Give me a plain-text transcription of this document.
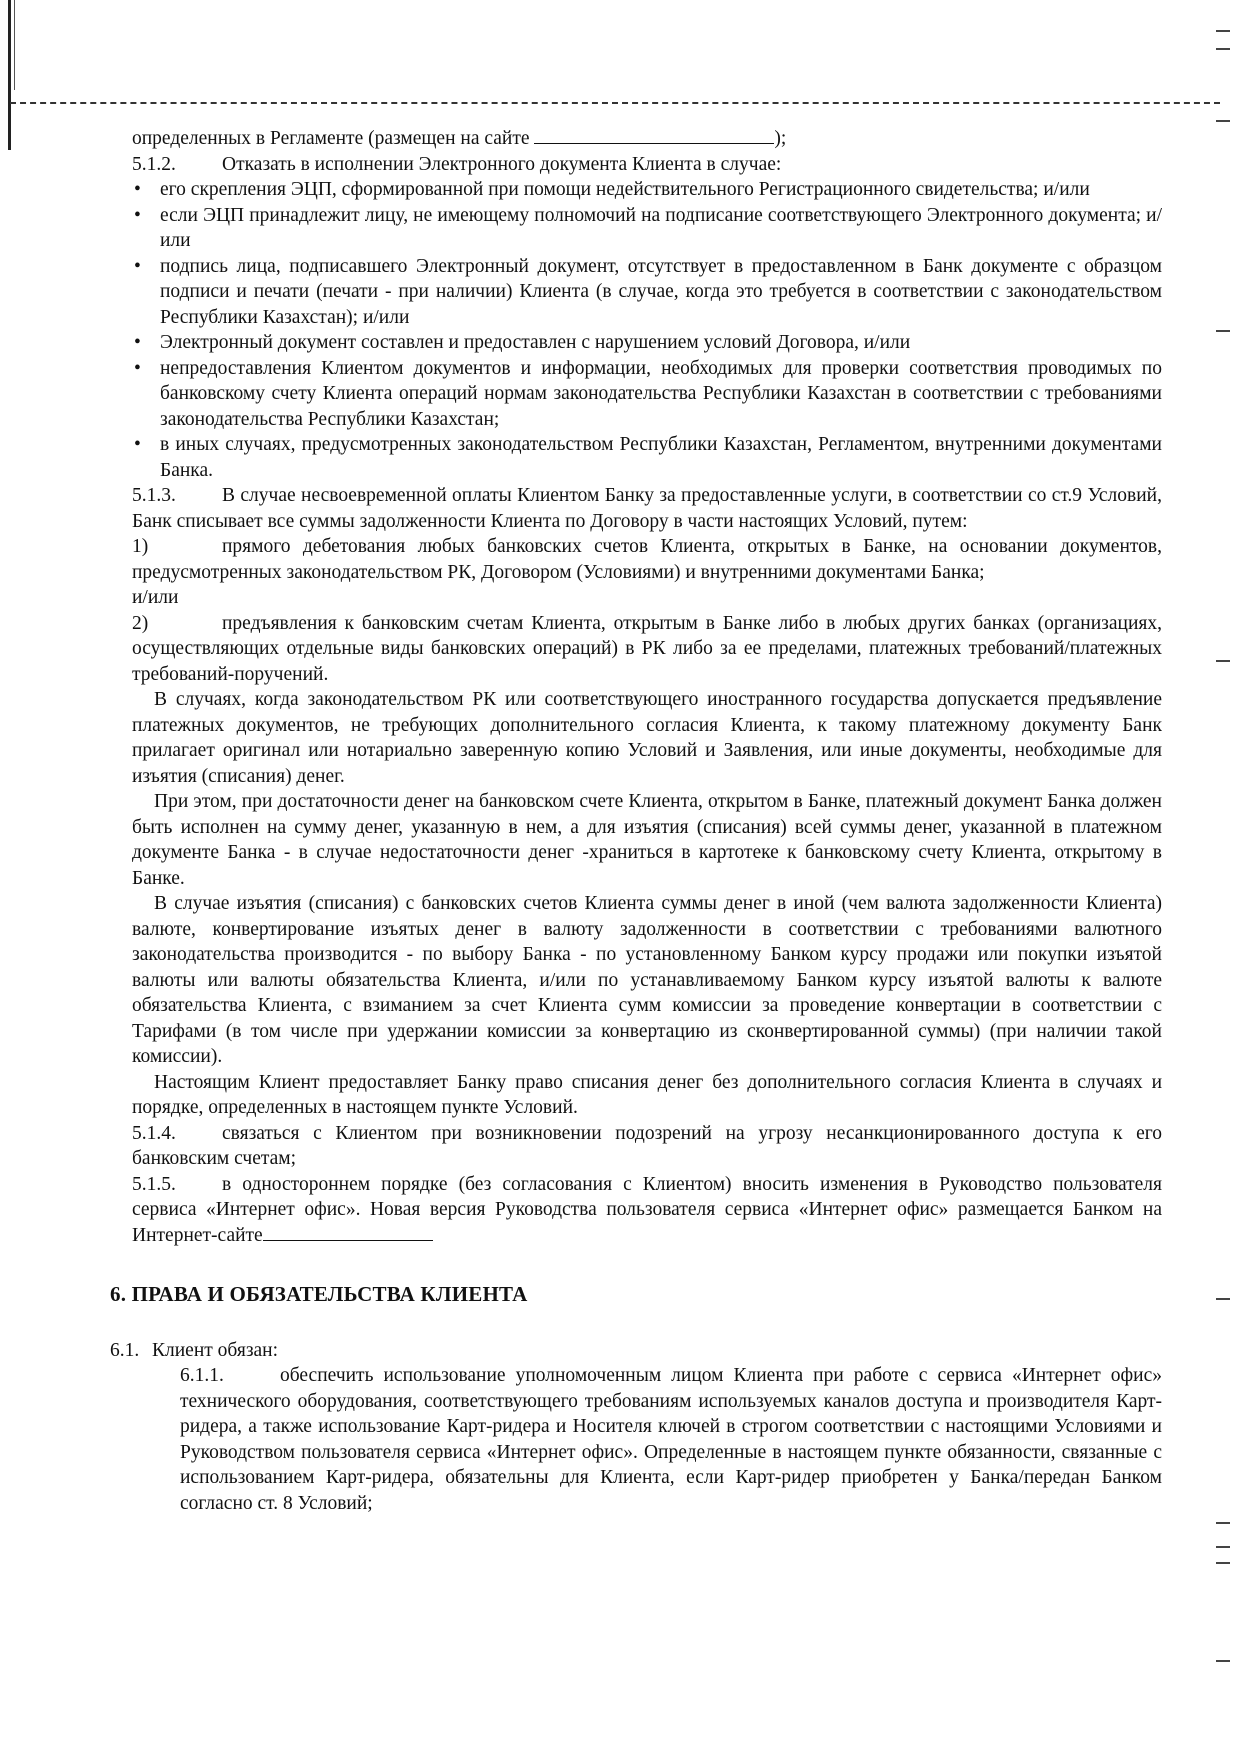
определенных в Регламенте (размещен на сайте	);

5.1.2. Отказать в исполнении Электронного документа Клиента в случае:

• его скрепления ЭЦП, сформированной при помощи недействительного Регистрационного свидетельства; и/или
• если ЭЦП принадлежит лицу, не имеющему полномочий на подписание соответствующего Электронного документа; и/или
• подпись лица, подписавшего Электронный документ, отсутствует в предоставленном в Банк документе с образцом подписи и печати (печати - при наличии) Клиента (в случае, когда это требуется в соответствии с законодательством Республики Казахстан); и/или
• Электронный документ составлен и предоставлен с нарушением условий Договора, и/или
• непредоставления Клиентом документов и информации, необходимых для проверки соответствия проводимых по банковскому счету Клиента операций нормам законодательства Республики Казахстан в соответствии с требованиями законодательства Республики Казахстан;
• в иных случаях, предусмотренных законодательством Республики Казахстан, Регламентом, внутренними документами Банка.

5.1.3. В случае несвоевременной оплаты Клиентом Банку за предоставленные услуги, в соответствии со ст.9 Условий, Банк списывает все суммы задолженности Клиента по Договору в части настоящих Условий, путем:

1)	прямого дебетования любых банковских счетов Клиента, открытых в Банке, на основании документов, предусмотренных законодательством РК, Договором (Условиями) и внутренними документами Банка;

и/или

2)	предъявления к банковским счетам Клиента, открытым в Банке либо в любых других банках (организациях, осуществляющих отдельные виды банковских операций) в РК либо за ее пределами, платежных требований/платежных требований-поручений.

В случаях, когда законодательством РК или соответствующего иностранного государства допускается предъявление платежных документов, не требующих дополнительного согласия Клиента, к такому платежному документу Банк прилагает оригинал или нотариально заверенную копию Условий и Заявления, или иные документы, необходимые для изъятия (списания) денег.

При этом, при достаточности денег на банковском счете Клиента, открытом в Банке, платежный документ Банка должен быть исполнен на сумму денег, указанную в нем, а для изъятия (списания) всей суммы денег, указанной в платежном документе Банка - в случае недостаточности денег -храниться в картотеке к банковскому счету Клиента, открытому в Банке.

В случае изъятия (списания) с банковских счетов Клиента суммы денег в иной (чем валюта задолженности Клиента) валюте, конвертирование изъятых денег в валюту задолженности в соответствии с требованиями валютного законодательства производится - по выбору Банка - по установленному Банком курсу продажи или покупки изъятой валюты или валюты обязательства Клиента, и/или по устанавливаемому Банком курсу изъятой валюты к валюте обязательства Клиента, с взиманием за счет Клиента сумм комиссии за проведение конвертации в соответствии с Тарифами (в том числе при удержании комиссии за конвертацию из сконвертированной суммы) (при наличии такой комиссии).

Настоящим Клиент предоставляет Банку право списания денег без дополнительного согласия Клиента в случаях и порядке, определенных в настоящем пункте Условий.

5.1.4. связаться с Клиентом при возникновении подозрений на угрозу несанкционированного доступа к его банковским счетам;

5.1.5. в одностороннем порядке (без согласования с Клиентом) вносить изменения в Руководство пользователя сервиса «Интернет офис». Новая версия Руководства пользователя сервиса «Интернет офис» размещается Банком на Интернет-сайте

6. ПРАВА И ОБЯЗАТЕЛЬСТВА КЛИЕНТА

6.1. Клиент обязан:

6.1.1.	обеспечить использование уполномоченным лицом Клиента при работе с сервиса «Интернет офис» технического оборудования, соответствующего требованиям используемых каналов доступа и производителя Карт-ридера, а также использование Карт-ридера и Носителя ключей в строгом соответствии с настоящими Условиями и Руководством пользователя сервиса «Интернет офис». Определенные в настоящем пункте обязанности, связанные с использованием Карт-ридера, обязательны для Клиента, если Карт-ридер приобретен у Банка/передан Банком согласно ст. 8 Условий;
